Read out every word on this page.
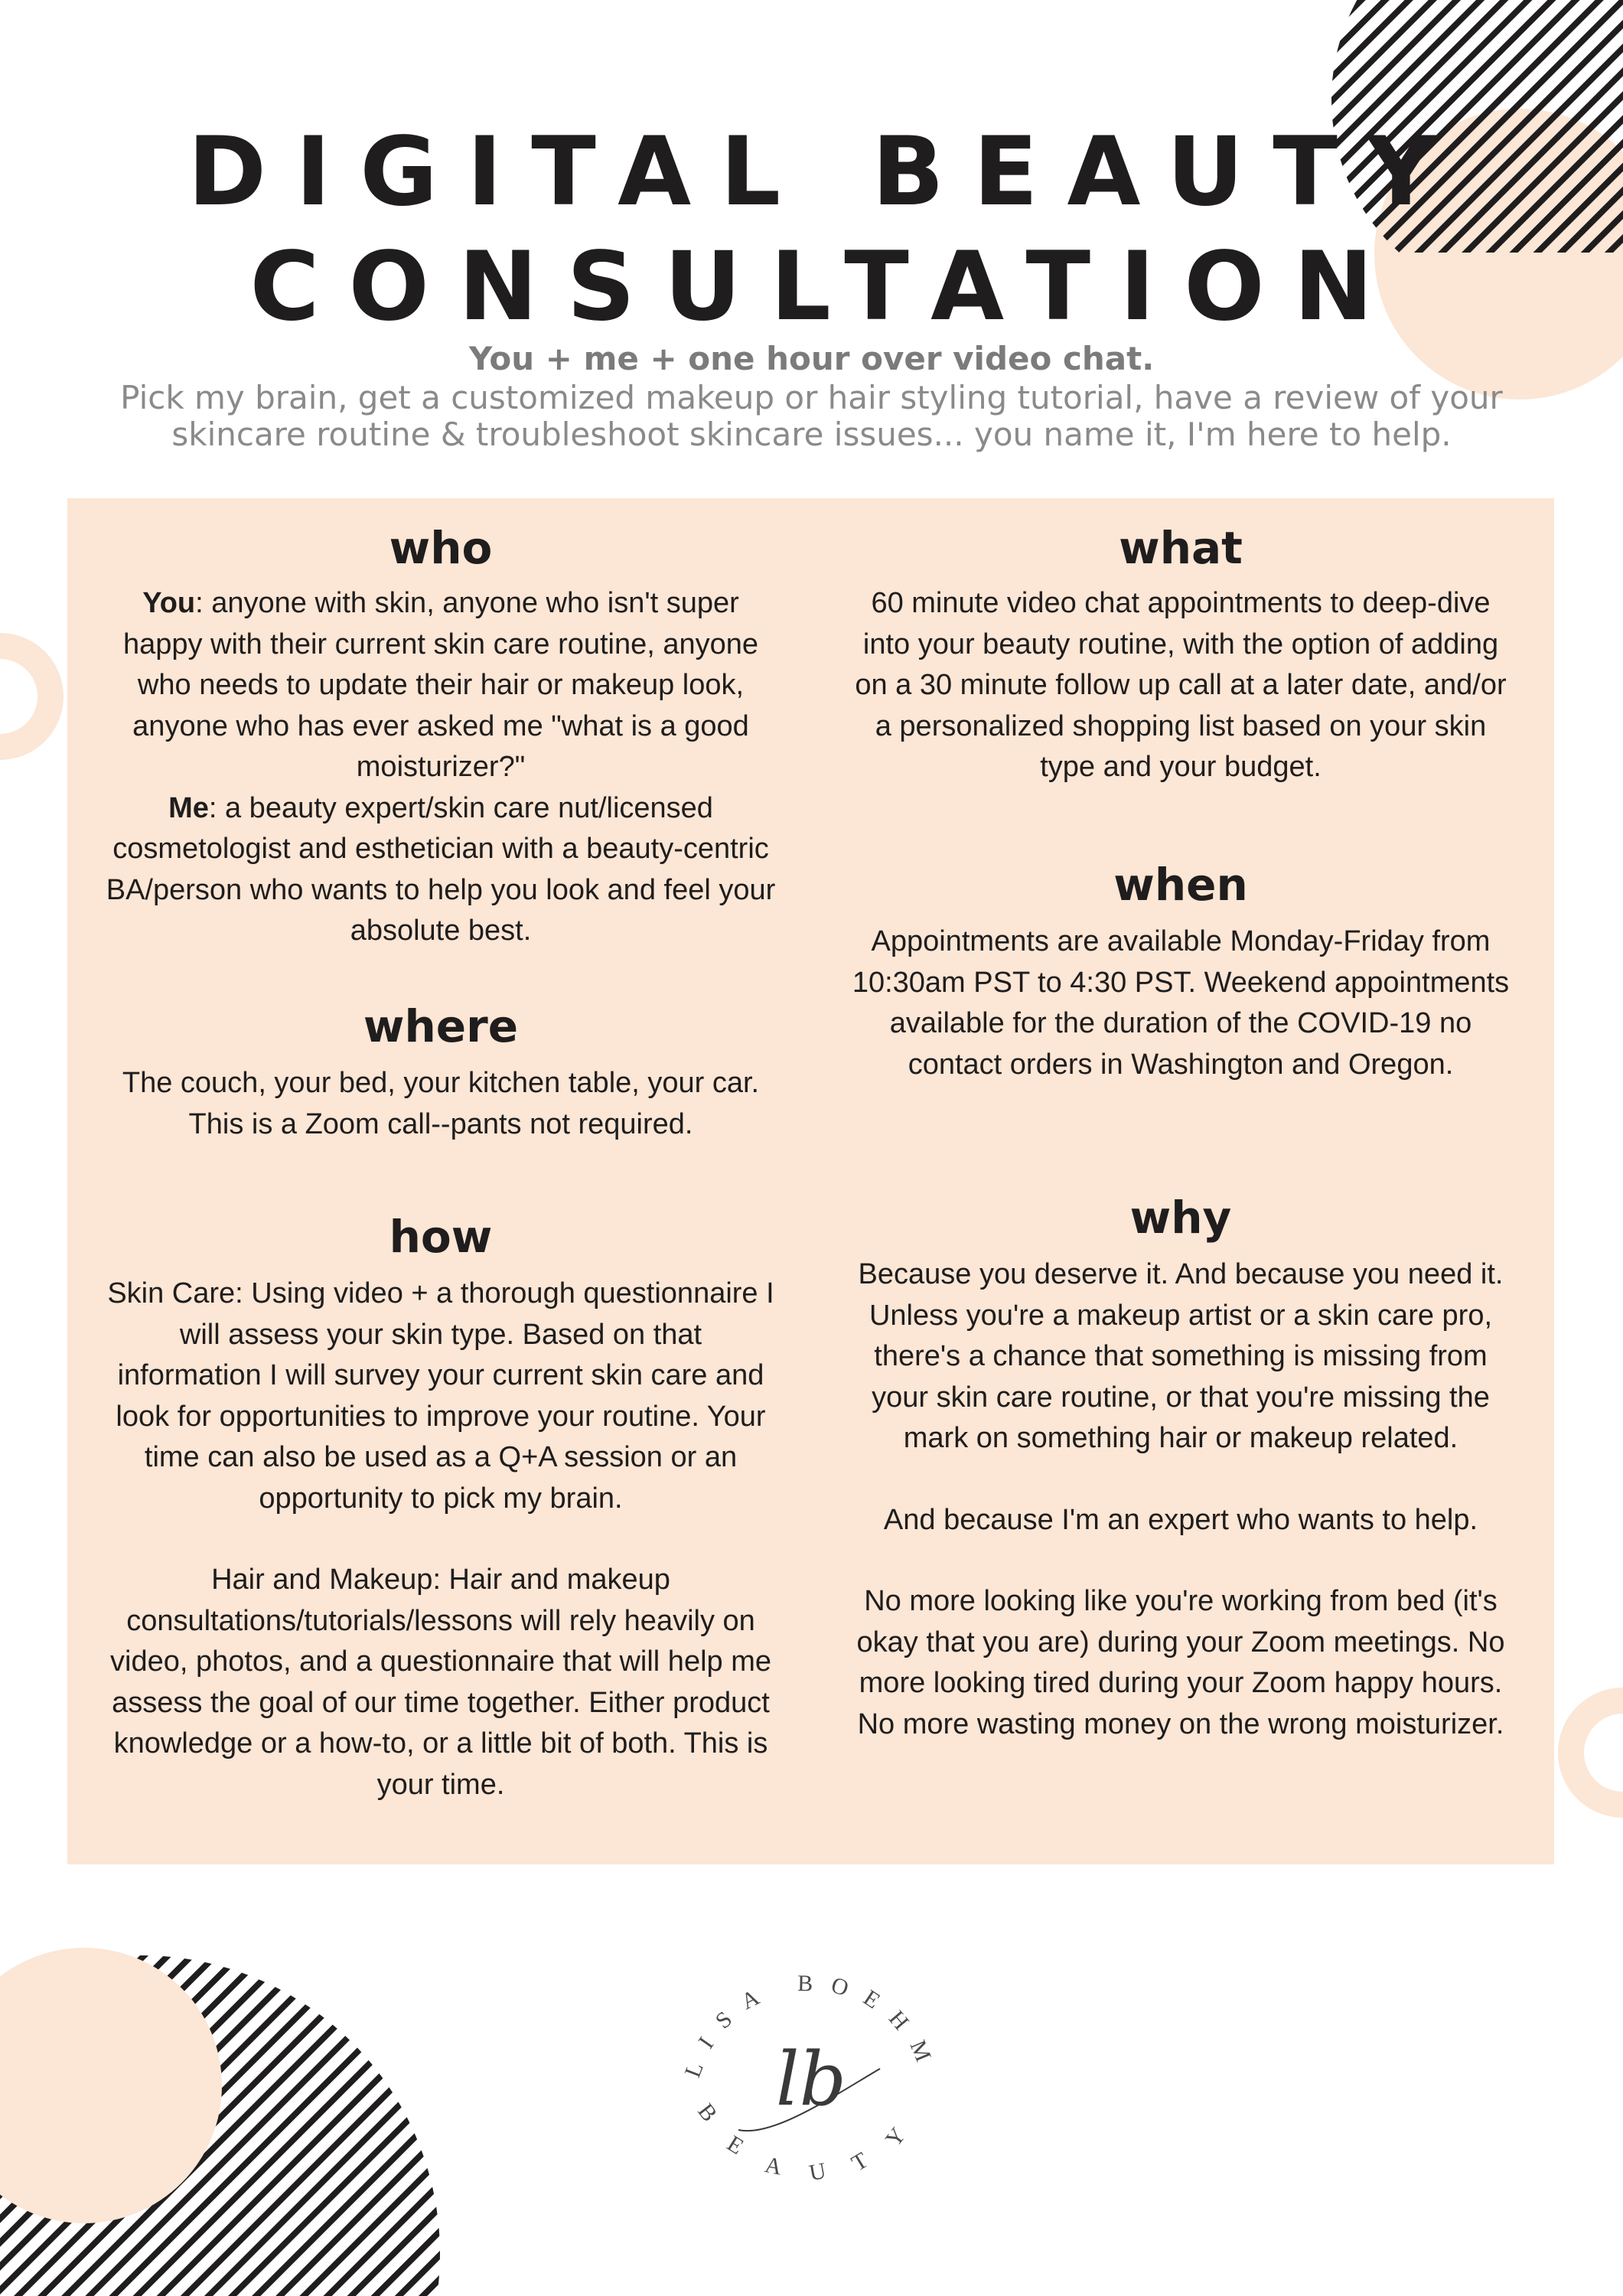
DIGITAL BEAUTY
CONSULTATION
You + me + one hour over video chat.
Pick my brain, get a customized makeup or hair styling tutorial, have a review of your skincare routine & troubleshoot skincare issues... you name it, I'm here to help.
who

You: anyone with skin, anyone who isn't super happy with their current skin care routine, anyone who needs to update their hair or makeup look, anyone who has ever asked me "what is a good moisturizer?"
Me: a beauty expert/skin care nut/licensed cosmetologist and esthetician with a beauty-centric BA/person who wants to help you look and feel your absolute best.

where

The couch, your bed, your kitchen table, your car. This is a Zoom call--pants not required.

how

Skin Care: Using video + a thorough questionnaire I will assess your skin type. Based on that information I will survey your current skin care and look for opportunities to improve your routine. Your time can also be used as a Q+A session or an opportunity to pick my brain.

Hair and Makeup: Hair and makeup consultations/tutorials/lessons will rely heavily on video, photos, and a questionnaire that will help me assess the goal of our time together. Either product knowledge or a how-to, or a little bit of both. This is your time.

what

60 minute video chat appointments to deep-dive into your beauty routine, with the option of adding on a 30 minute follow up call at a later date, and/or a personalized shopping list based on your skin type and your budget.

when

Appointments are available Monday-Friday from 10:30am PST to 4:30 PST. Weekend appointments available for the duration of the COVID-19 no contact orders in Washington and Oregon.

why

Because you deserve it. And because you need it. Unless you're a makeup artist or a skin care pro, there's a chance that something is missing from your skin care routine, or that you're missing the mark on something hair or makeup related.

And because I'm an expert who wants to help.

No more looking like you're working from bed (it's okay that you are) during your Zoom meetings. No more looking tired during your Zoom happy hours. No more wasting money on the wrong moisturizer.

LISA BOEHM
BEAUTY
lb
